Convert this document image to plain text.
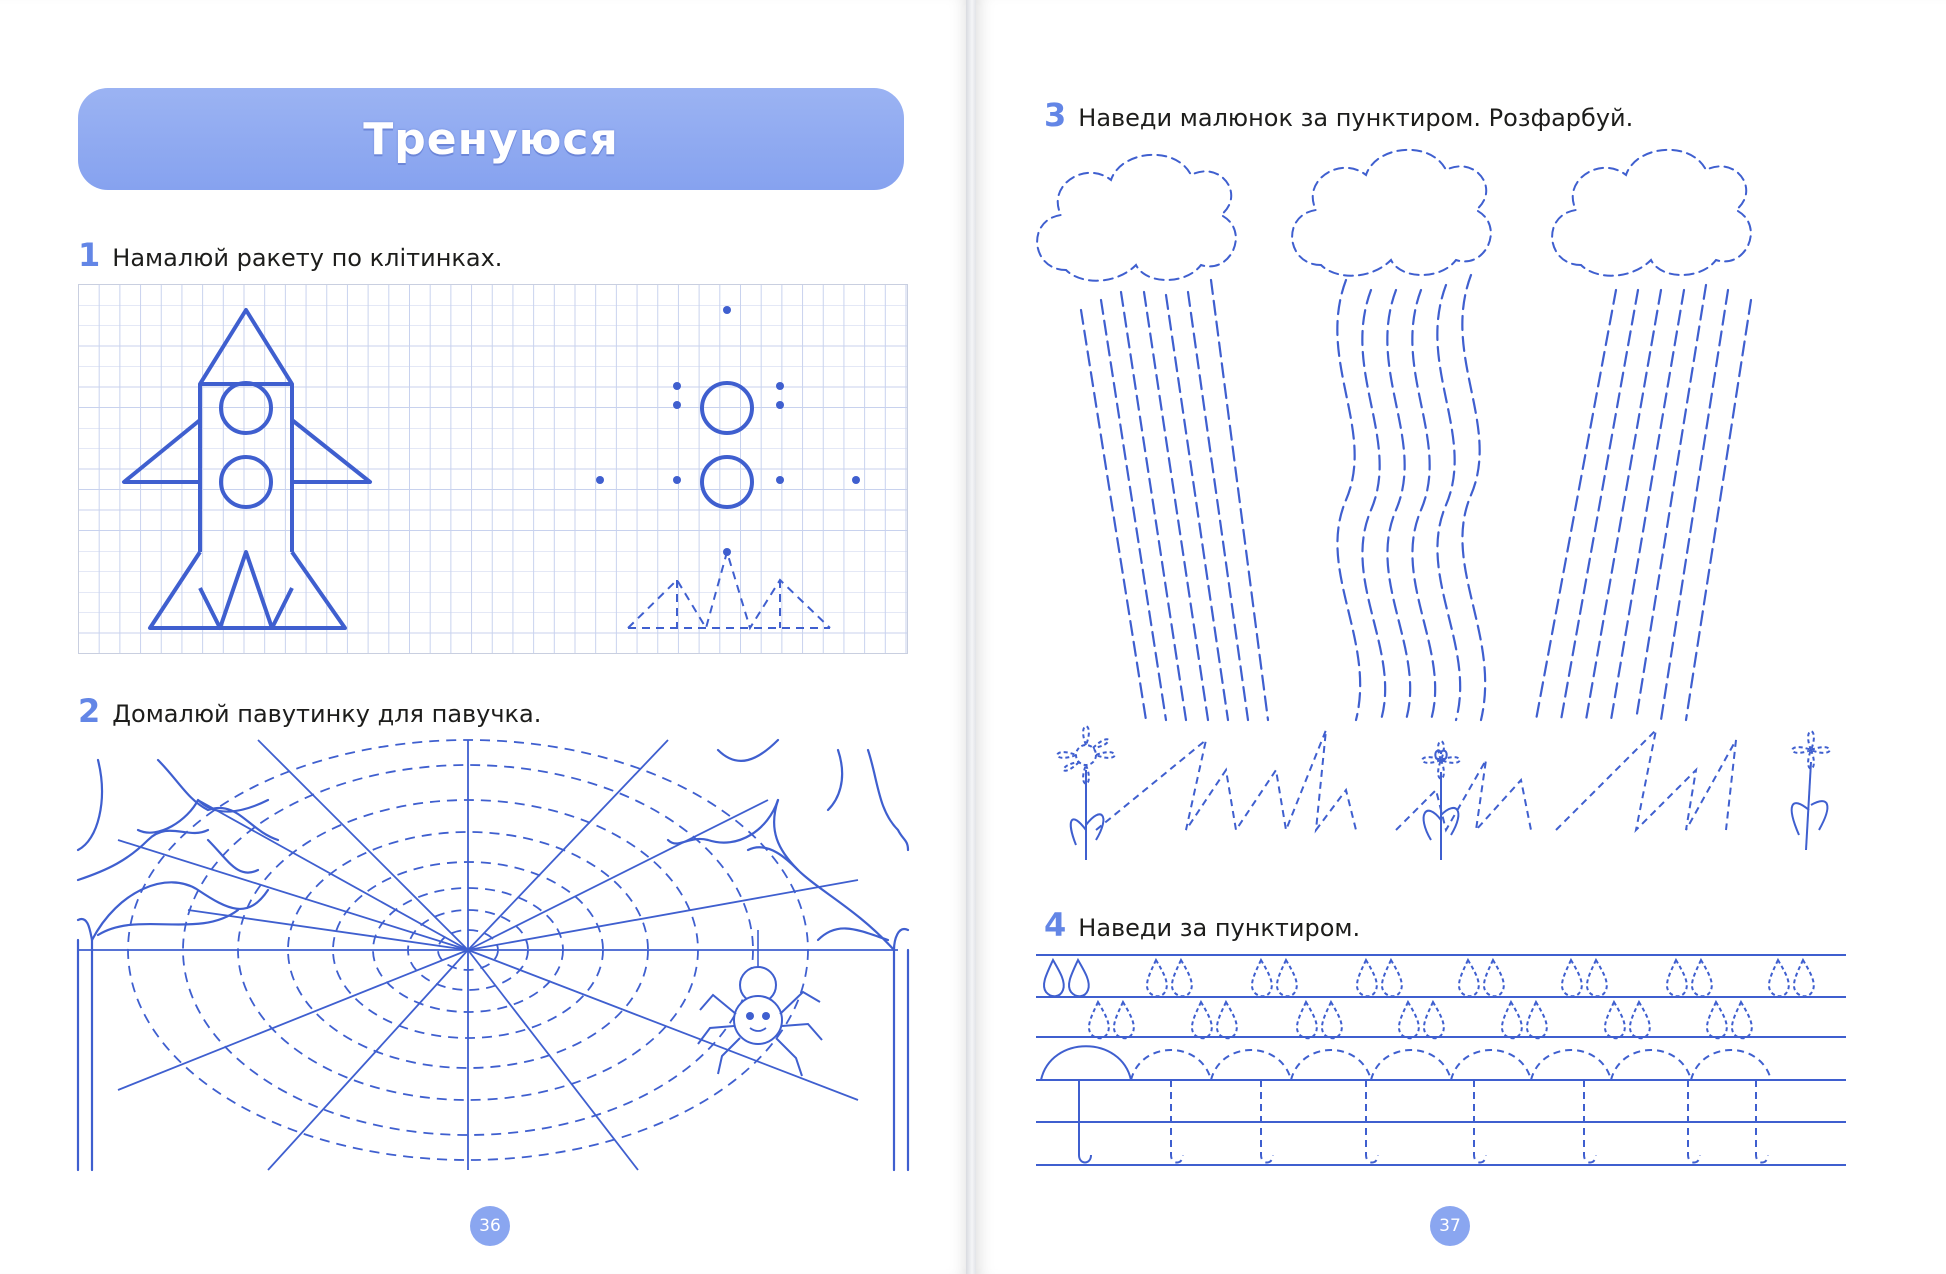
Тренуюся
1 Намалюй ракету по клітинках.
2 Домалюй павутинку для павучка.
36
3 Наведи малюнок за пунктиром. Розфарбуй.
4 Наведи за пунктиром.
37
